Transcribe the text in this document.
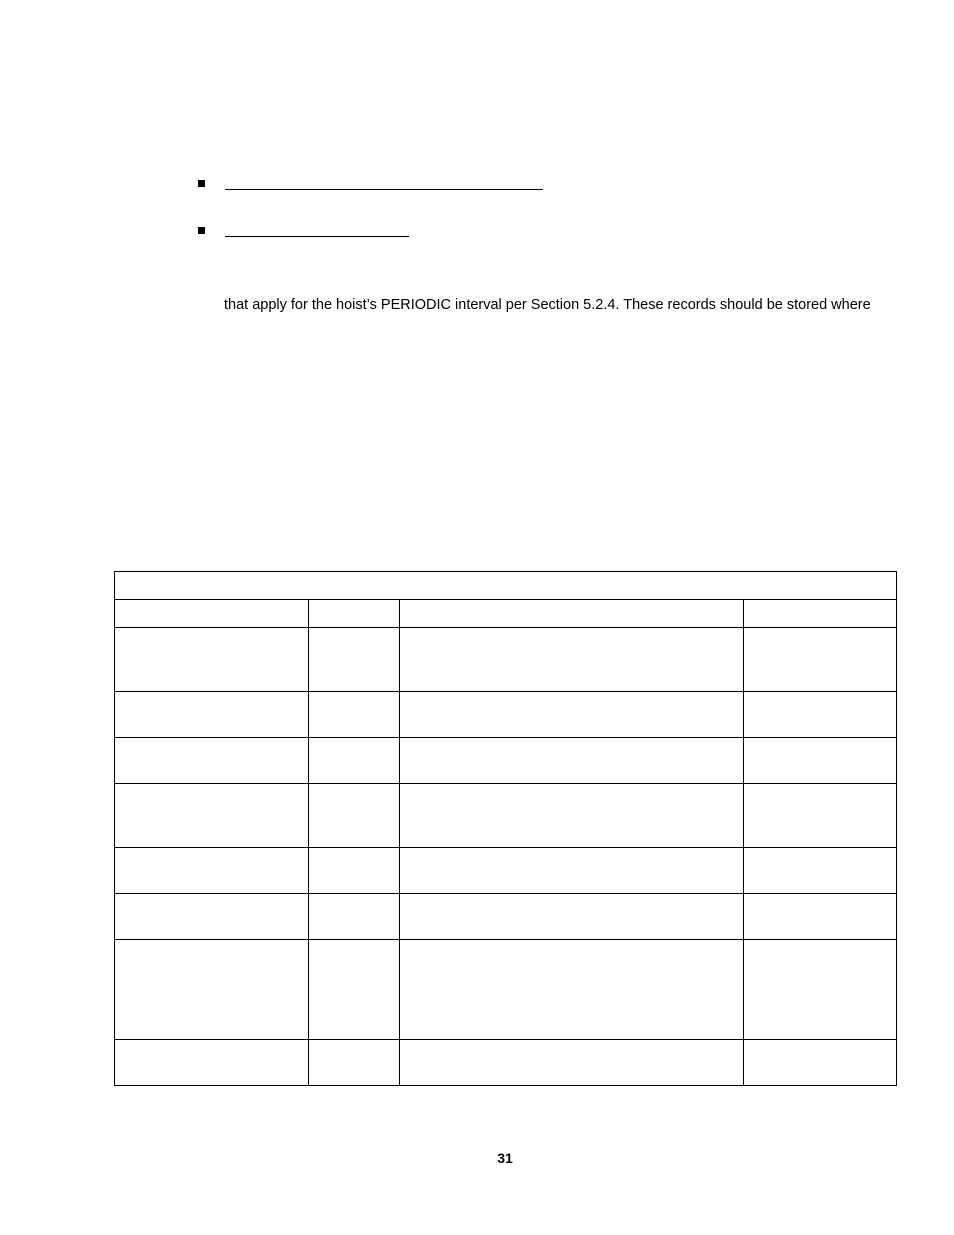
that apply for the hoist’s PERIODIC interval per Section 5.2.4. These records should be stored where
31
